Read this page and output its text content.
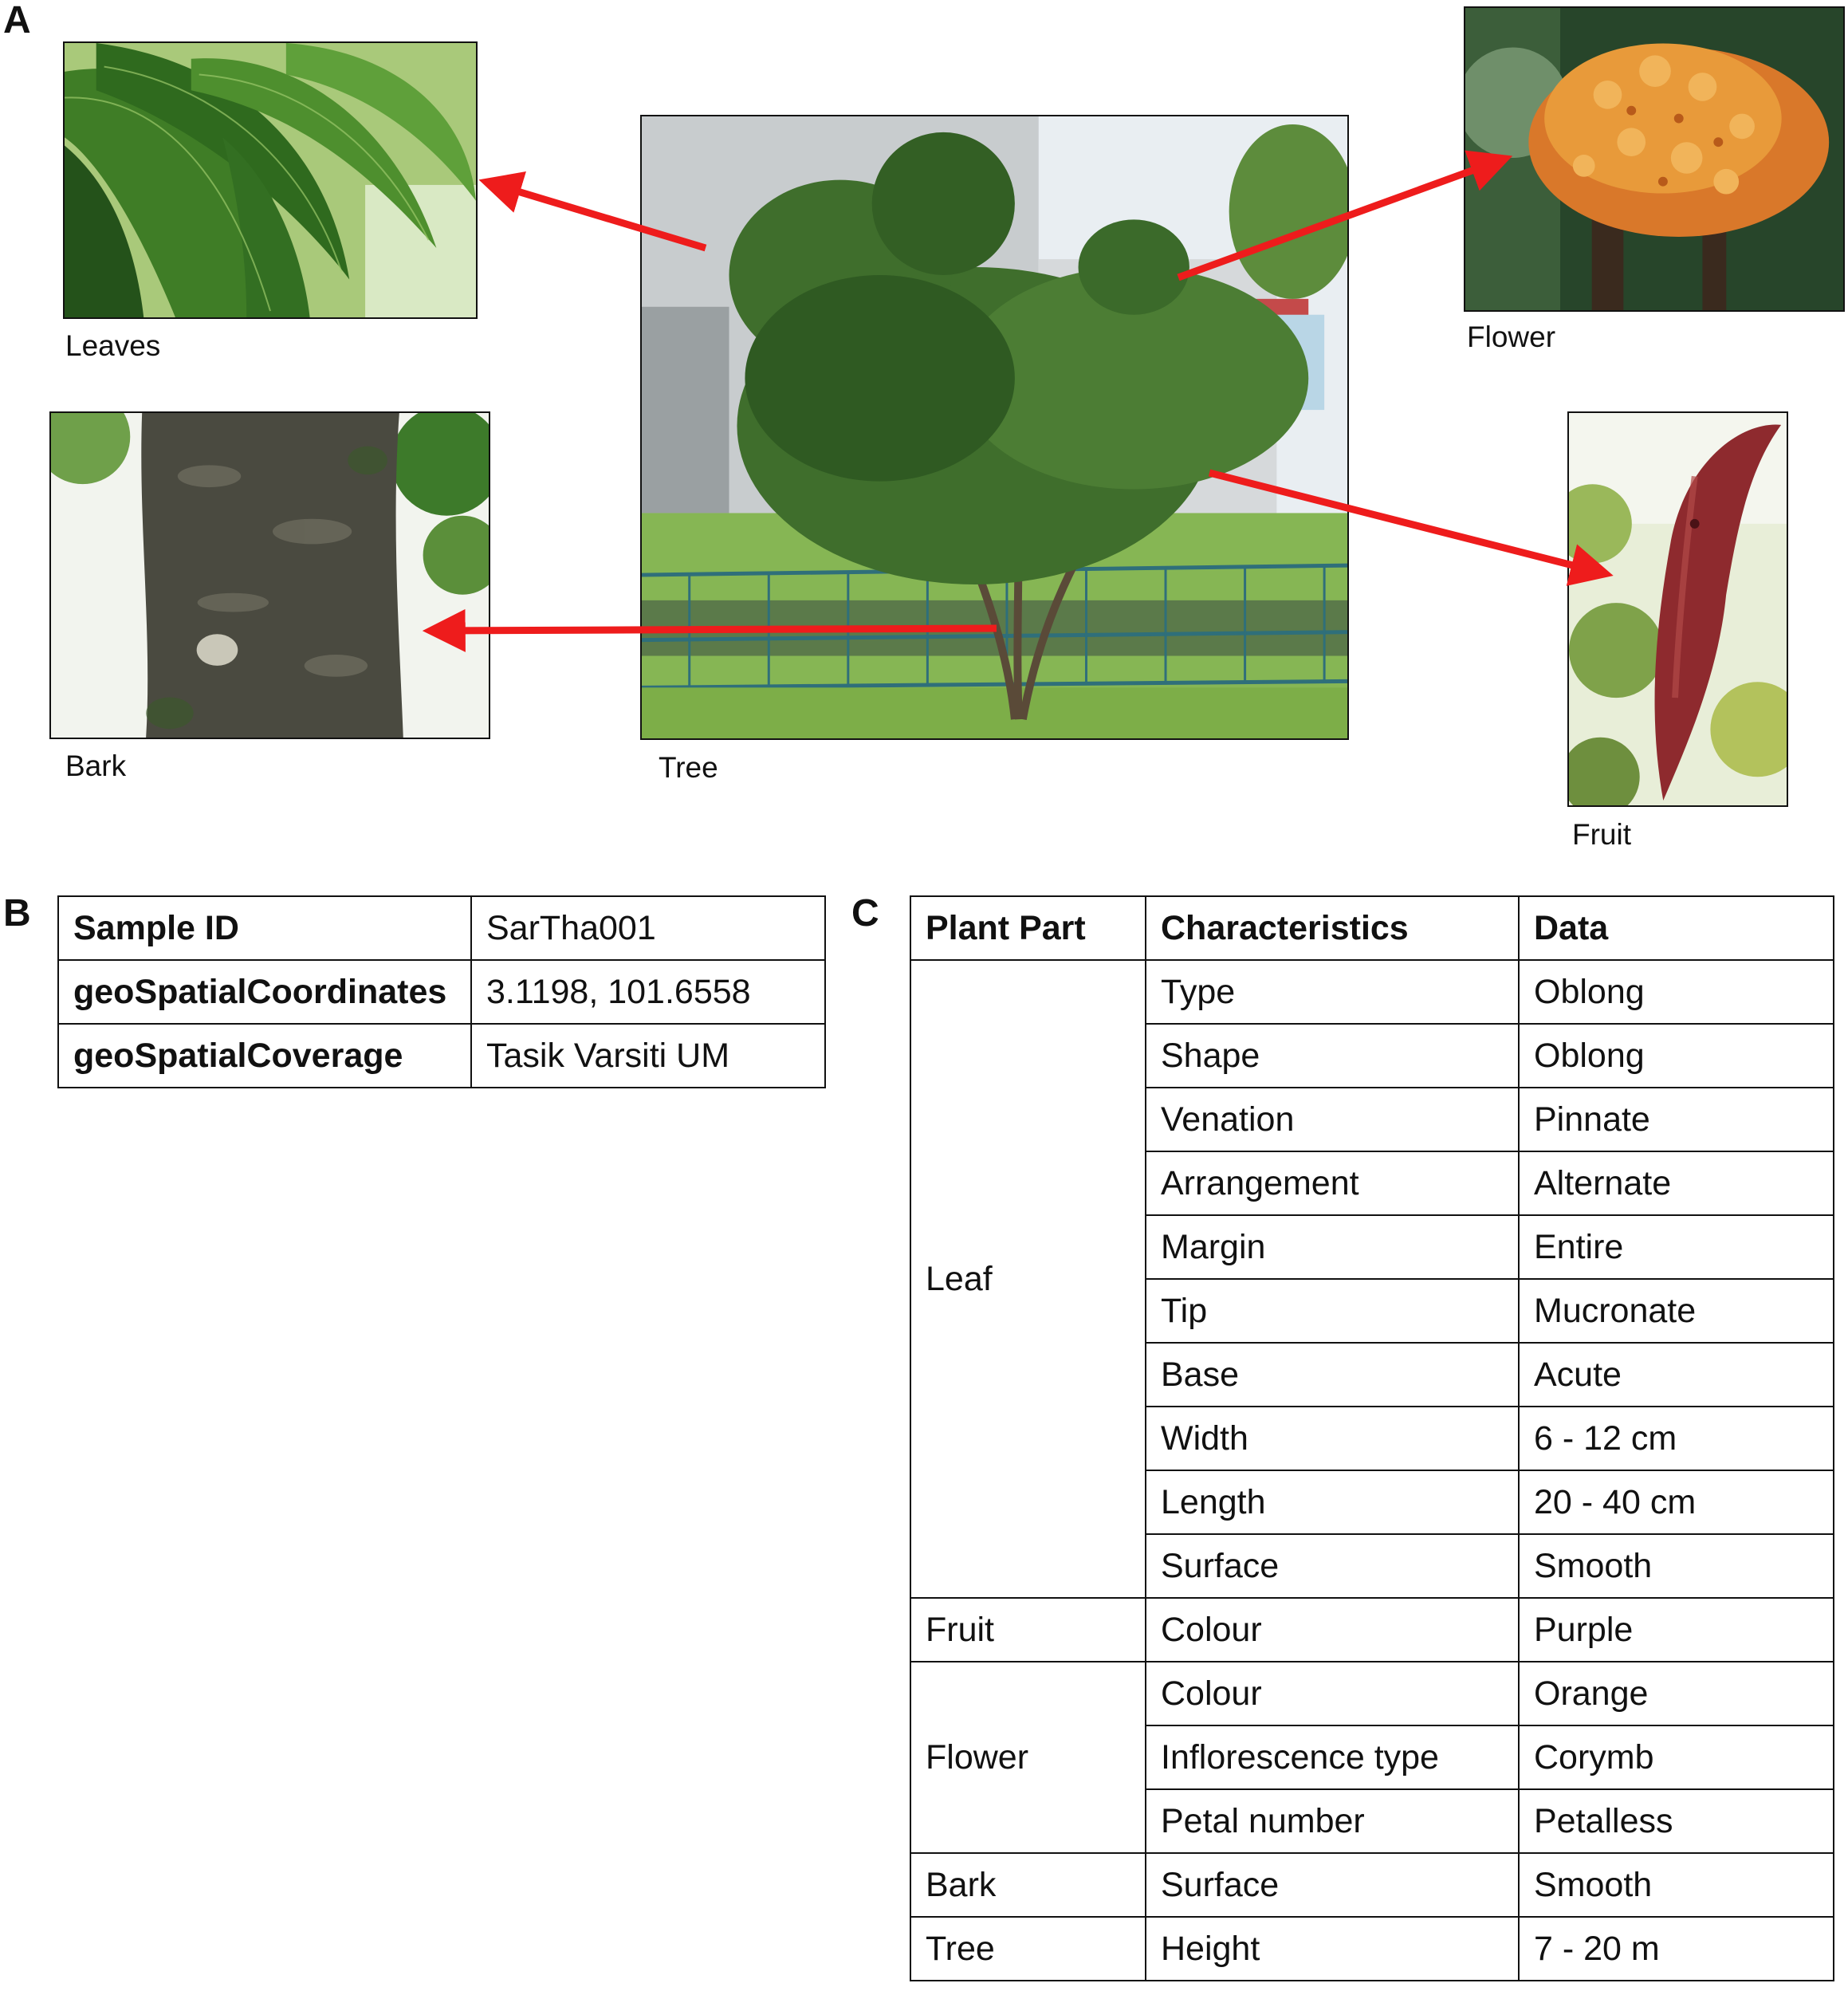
A
B	C
Leaves
Bark	Tree
Flower
Fruit
Sample ID	SarTha001
geoSpatialCoordinates	3.1198, 101.6558
geoSpatialCoverage	Tasik Varsiti UM
Plant Part	Characteristics	Data
Leaf	Type	Oblong
	Shape	Oblong
	Venation	Pinnate
	Arrangement	Alternate
	Margin	Entire
	Tip	Mucronate
	Base	Acute
	Width	6 - 12 cm
	Length	20 - 40 cm
	Surface	Smooth
Fruit	Colour	Purple
Flower	Colour	Orange
	Inflorescence type	Corymb
	Petal number	Petalless
Bark	Surface	Smooth
Tree	Height	7 - 20 m
